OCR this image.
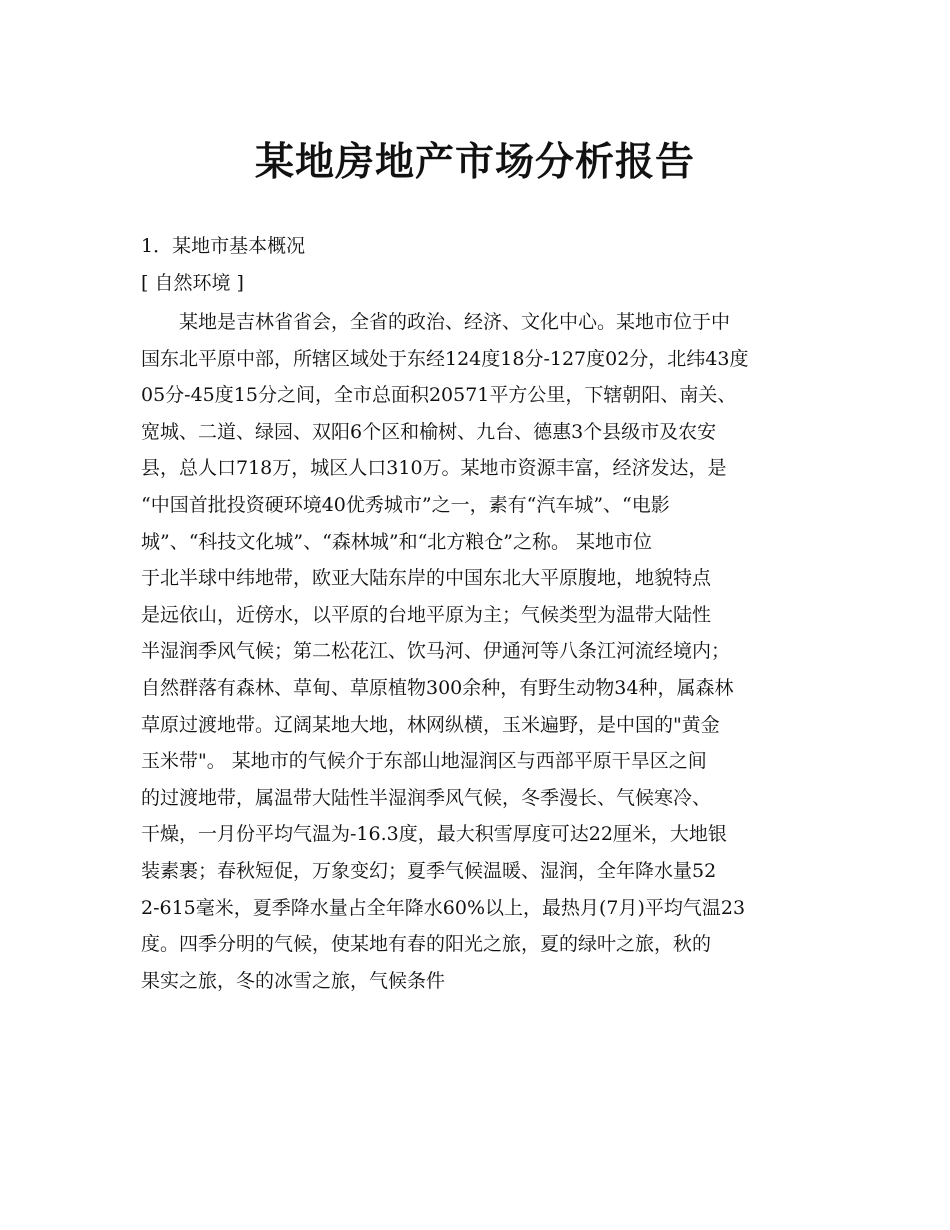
某地房地产市场分析报告

1．某地市基本概况

[ 自然环境 ]

某地是吉林省省会，全省的政治、经济、文化中心。某地市位于中
国东北平原中部，所辖区域处于东经124度18分-127度02分，北纬43度
05分-45度15分之间，全市总面积20571平方公里，下辖朝阳、南关、
宽城、二道、绿园、双阳6个区和榆树、九台、德惠3个县级市及农安
县，总人口718万，城区人口310万。某地市资源丰富，经济发达，是
“中国首批投资硬环境40优秀城市”之一，素有“汽车城”、“电影
城”、“科技文化城”、“森林城”和“北方粮仓”之称。 某地市位
于北半球中纬地带，欧亚大陆东岸的中国东北大平原腹地，地貌特点
是远依山，近傍水，以平原的台地平原为主；气候类型为温带大陆性
半湿润季风气候；第二松花江、饮马河、伊通河等八条江河流经境内；
自然群落有森林、草甸、草原植物300余种，有野生动物34种，属森林
草原过渡地带。辽阔某地大地，林网纵横，玉米遍野，是中国的"黄金
玉米带"。 某地市的气候介于东部山地湿润区与西部平原干旱区之间
的过渡地带，属温带大陆性半湿润季风气候，冬季漫长、气候寒冷、
干燥，一月份平均气温为-16.3度，最大积雪厚度可达22厘米，大地银
装素裹；春秋短促，万象变幻；夏季气候温暖、湿润，全年降水量52
2-615毫米，夏季降水量占全年降水60%以上，最热月(7月)平均气温23
度。四季分明的气候，使某地有春的阳光之旅，夏的绿叶之旅，秋的
果实之旅，冬的冰雪之旅，气候条件
